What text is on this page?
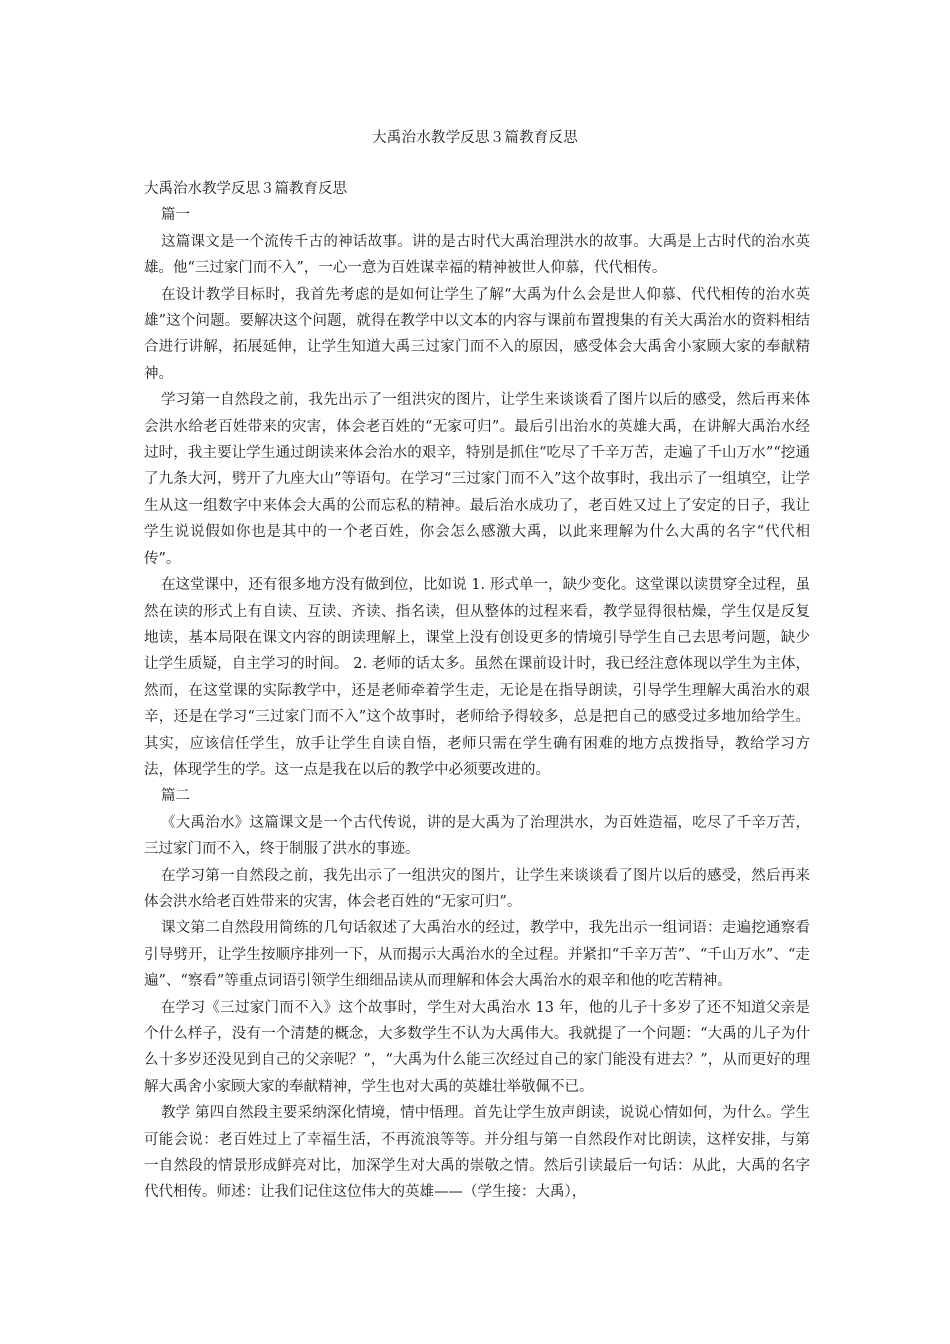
大禹治水教学反思３篇教育反思

大禹治水教学反思３篇教育反思

篇一

这篇课文是一个流传千古的神话故事。讲的是古时代大禹治理洪水的故事。大禹是上古时代的治水英雄。他“三过家门而不入”，一心一意为百姓谋幸福的精神被世人仰慕，代代相传。

在设计教学目标时，我首先考虑的是如何让学生了解“大禹为什么会是世人仰慕、代代相传的治水英雄”这个问题。要解决这个问题，就得在教学中以文本的内容与课前布置搜集的有关大禹治水的资料相结合进行讲解，拓展延伸，让学生知道大禹三过家门而不入的原因，感受体会大禹舍小家顾大家的奉献精神。

学习第一自然段之前，我先出示了一组洪灾的图片，让学生来谈谈看了图片以后的感受，然后再来体会洪水给老百姓带来的灾害，体会老百姓的“无家可归”。最后引出治水的英雄大禹，在讲解大禹治水经过时，我主要让学生通过朗读来体会治水的艰辛，特别是抓住“吃尽了千辛万苦，走遍了千山万水”“挖通了九条大河，劈开了九座大山”等语句。在学习“三过家门而不入”这个故事时，我出示了一组填空，让学生从这一组数字中来体会大禹的公而忘私的精神。最后治水成功了，老百姓又过上了安定的日子，我让学生说说假如你也是其中的一个老百姓，你会怎么感激大禹，以此来理解为什么大禹的名字“代代相传”。

在这堂课中，还有很多地方没有做到位，比如说 1. 形式单一，缺少变化。这堂课以读贯穿全过程，虽然在读的形式上有自读、互读、齐读、指名读，但从整体的过程来看，教学显得很枯燥，学生仅是反复地读，基本局限在课文内容的朗读理解上，课堂上没有创设更多的情境引导学生自己去思考问题，缺少让学生质疑，自主学习的时间。 2. 老师的话太多。虽然在课前设计时，我已经注意体现以学生为主体，然而，在这堂课的实际教学中，还是老师牵着学生走，无论是在指导朗读，引导学生理解大禹治水的艰辛，还是在学习“三过家门而不入”这个故事时，老师给予得较多，总是把自己的感受过多地加给学生。其实，应该信任学生，放手让学生自读自悟，老师只需在学生确有困难的地方点拨指导，教给学习方法，体现学生的学。这一点是我在以后的教学中必须要改进的。

篇二

《大禹治水》这篇课文是一个古代传说，讲的是大禹为了治理洪水，为百姓造福，吃尽了千辛万苦，三过家门而不入，终于制服了洪水的事迹。

在学习第一自然段之前，我先出示了一组洪灾的图片，让学生来谈谈看了图片以后的感受，然后再来体会洪水给老百姓带来的灾害，体会老百姓的“无家可归”。

课文第二自然段用简练的几句话叙述了大禹治水的经过，教学中，我先出示一组词语：走遍挖通察看引导劈开，让学生按顺序排列一下，从而揭示大禹治水的全过程。并紧扣“千辛万苦”、“千山万水”、“走遍”、“察看”等重点词语引领学生细细品读从而理解和体会大禹治水的艰辛和他的吃苦精神。

在学习《三过家门而不入》这个故事时，学生对大禹治水 13 年，他的儿子十多岁了还不知道父亲是个什么样子，没有一个清楚的概念，大多数学生不认为大禹伟大。我就提了一个问题：“大禹的儿子为什么十多岁还没见到自己的父亲呢？”，“大禹为什么能三次经过自己的家门能没有进去？”，从而更好的理解大禹舍小家顾大家的奉献精神，学生也对大禹的英雄壮举敬佩不已。

教学 第四自然段主要采纳深化情境，情中悟理。首先让学生放声朗读，说说心情如何，为什么。学生可能会说：老百姓过上了幸福生活，不再流浪等等。并分组与第一自然段作对比朗读，这样安排，与第一自然段的情景形成鲜亮对比，加深学生对大禹的崇敬之情。然后引读最后一句话：从此，大禹的名字代代相传。师述：让我们记住这位伟大的英雄——（学生接：大禹），
